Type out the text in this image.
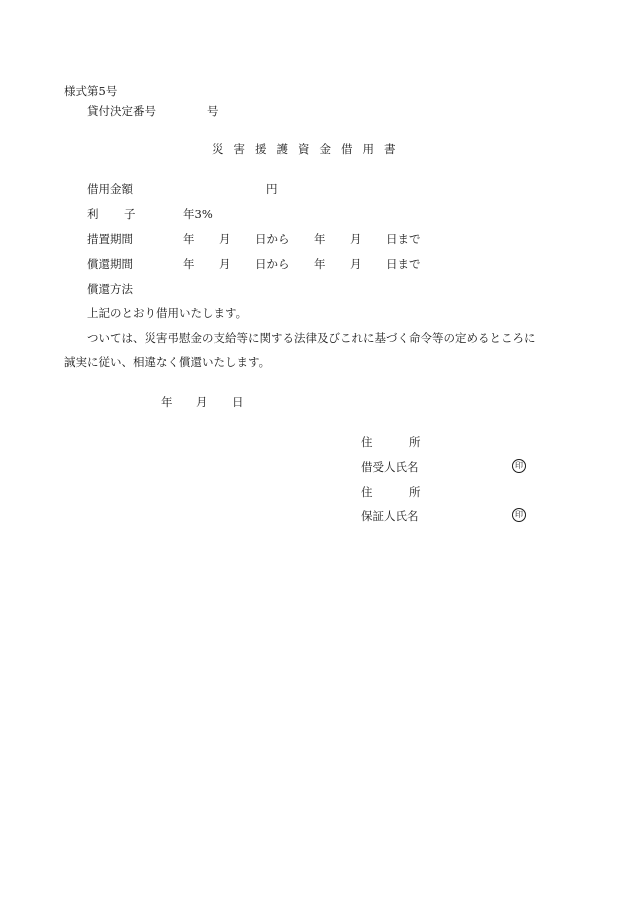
様式第5号
貸付決定番号	号
災 害 援 護 資 金 借 用 書
借用金額	円
利 子	年3%
措置期間	年 月 日から 年 月 日まで
償還期間	年 月 日から 年 月 日まで
償還方法
上記のとおり借用いたします。
ついては、災害弔慰金の支給等に関する法律及びこれに基づく命令等の定めるところに
誠実に従い、相違なく償還いたします。
年 月 日
住	所
借受人氏名	印
住	所
保証人氏名	印
